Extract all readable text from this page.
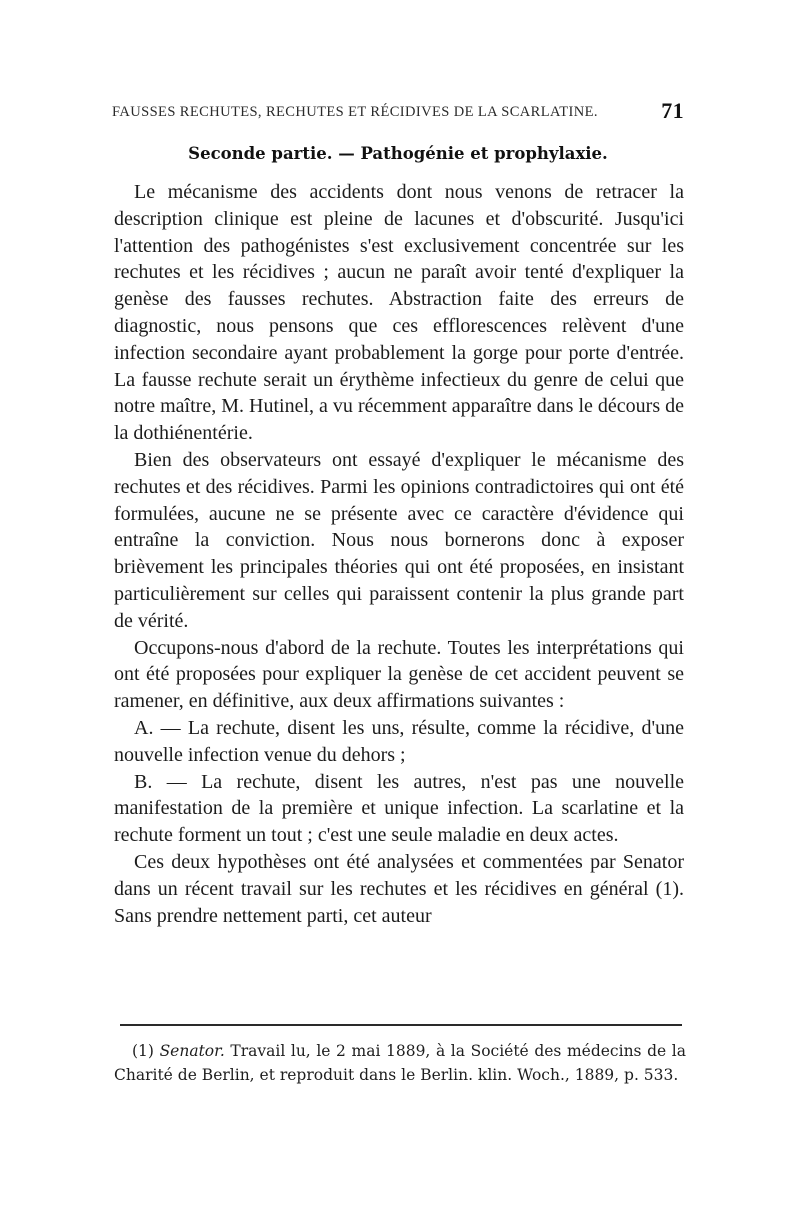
FAUSSES RECHUTES, RECHUTES ET RÉCIDIVES DE LA SCARLATINE.	71
Seconde partie. — Pathogénie et prophylaxie.

Le mécanisme des accidents dont nous venons de retracer la description clinique est pleine de lacunes et d'obscurité. Jusqu'ici l'attention des pathogénistes s'est exclusivement concentrée sur les rechutes et les récidives ; aucun ne paraît avoir tenté d'expliquer la genèse des fausses rechutes. Abstraction faite des erreurs de diagnostic, nous pensons que ces efflorescences relèvent d'une infection secondaire ayant probablement la gorge pour porte d'entrée. La fausse rechute serait un érythème infectieux du genre de celui que notre maître, M. Hutinel, a vu récemment apparaître dans le décours de la dothiénentérie.

Bien des observateurs ont essayé d'expliquer le mécanisme des rechutes et des récidives. Parmi les opinions contradictoires qui ont été formulées, aucune ne se présente avec ce caractère d'évidence qui entraîne la conviction. Nous nous bornerons donc à exposer brièvement les principales théories qui ont été proposées, en insistant particulièrement sur celles qui paraissent contenir la plus grande part de vérité.

Occupons-nous d'abord de la rechute. Toutes les interprétations qui ont été proposées pour expliquer la genèse de cet accident peuvent se ramener, en définitive, aux deux affirmations suivantes :

A. — La rechute, disent les uns, résulte, comme la récidive, d'une nouvelle infection venue du dehors ;

B. — La rechute, disent les autres, n'est pas une nouvelle manifestation de la première et unique infection. La scarlatine et la rechute forment un tout ; c'est une seule maladie en deux actes.

Ces deux hypothèses ont été analysées et commentées par Senator dans un récent travail sur les rechutes et les récidives en général (1). Sans prendre nettement parti, cet auteur

(1) Senator. Travail lu, le 2 mai 1889, à la Société des médecins de la Charité de Berlin, et reproduit dans le Berlin. klin. Woch., 1889, p. 533.
